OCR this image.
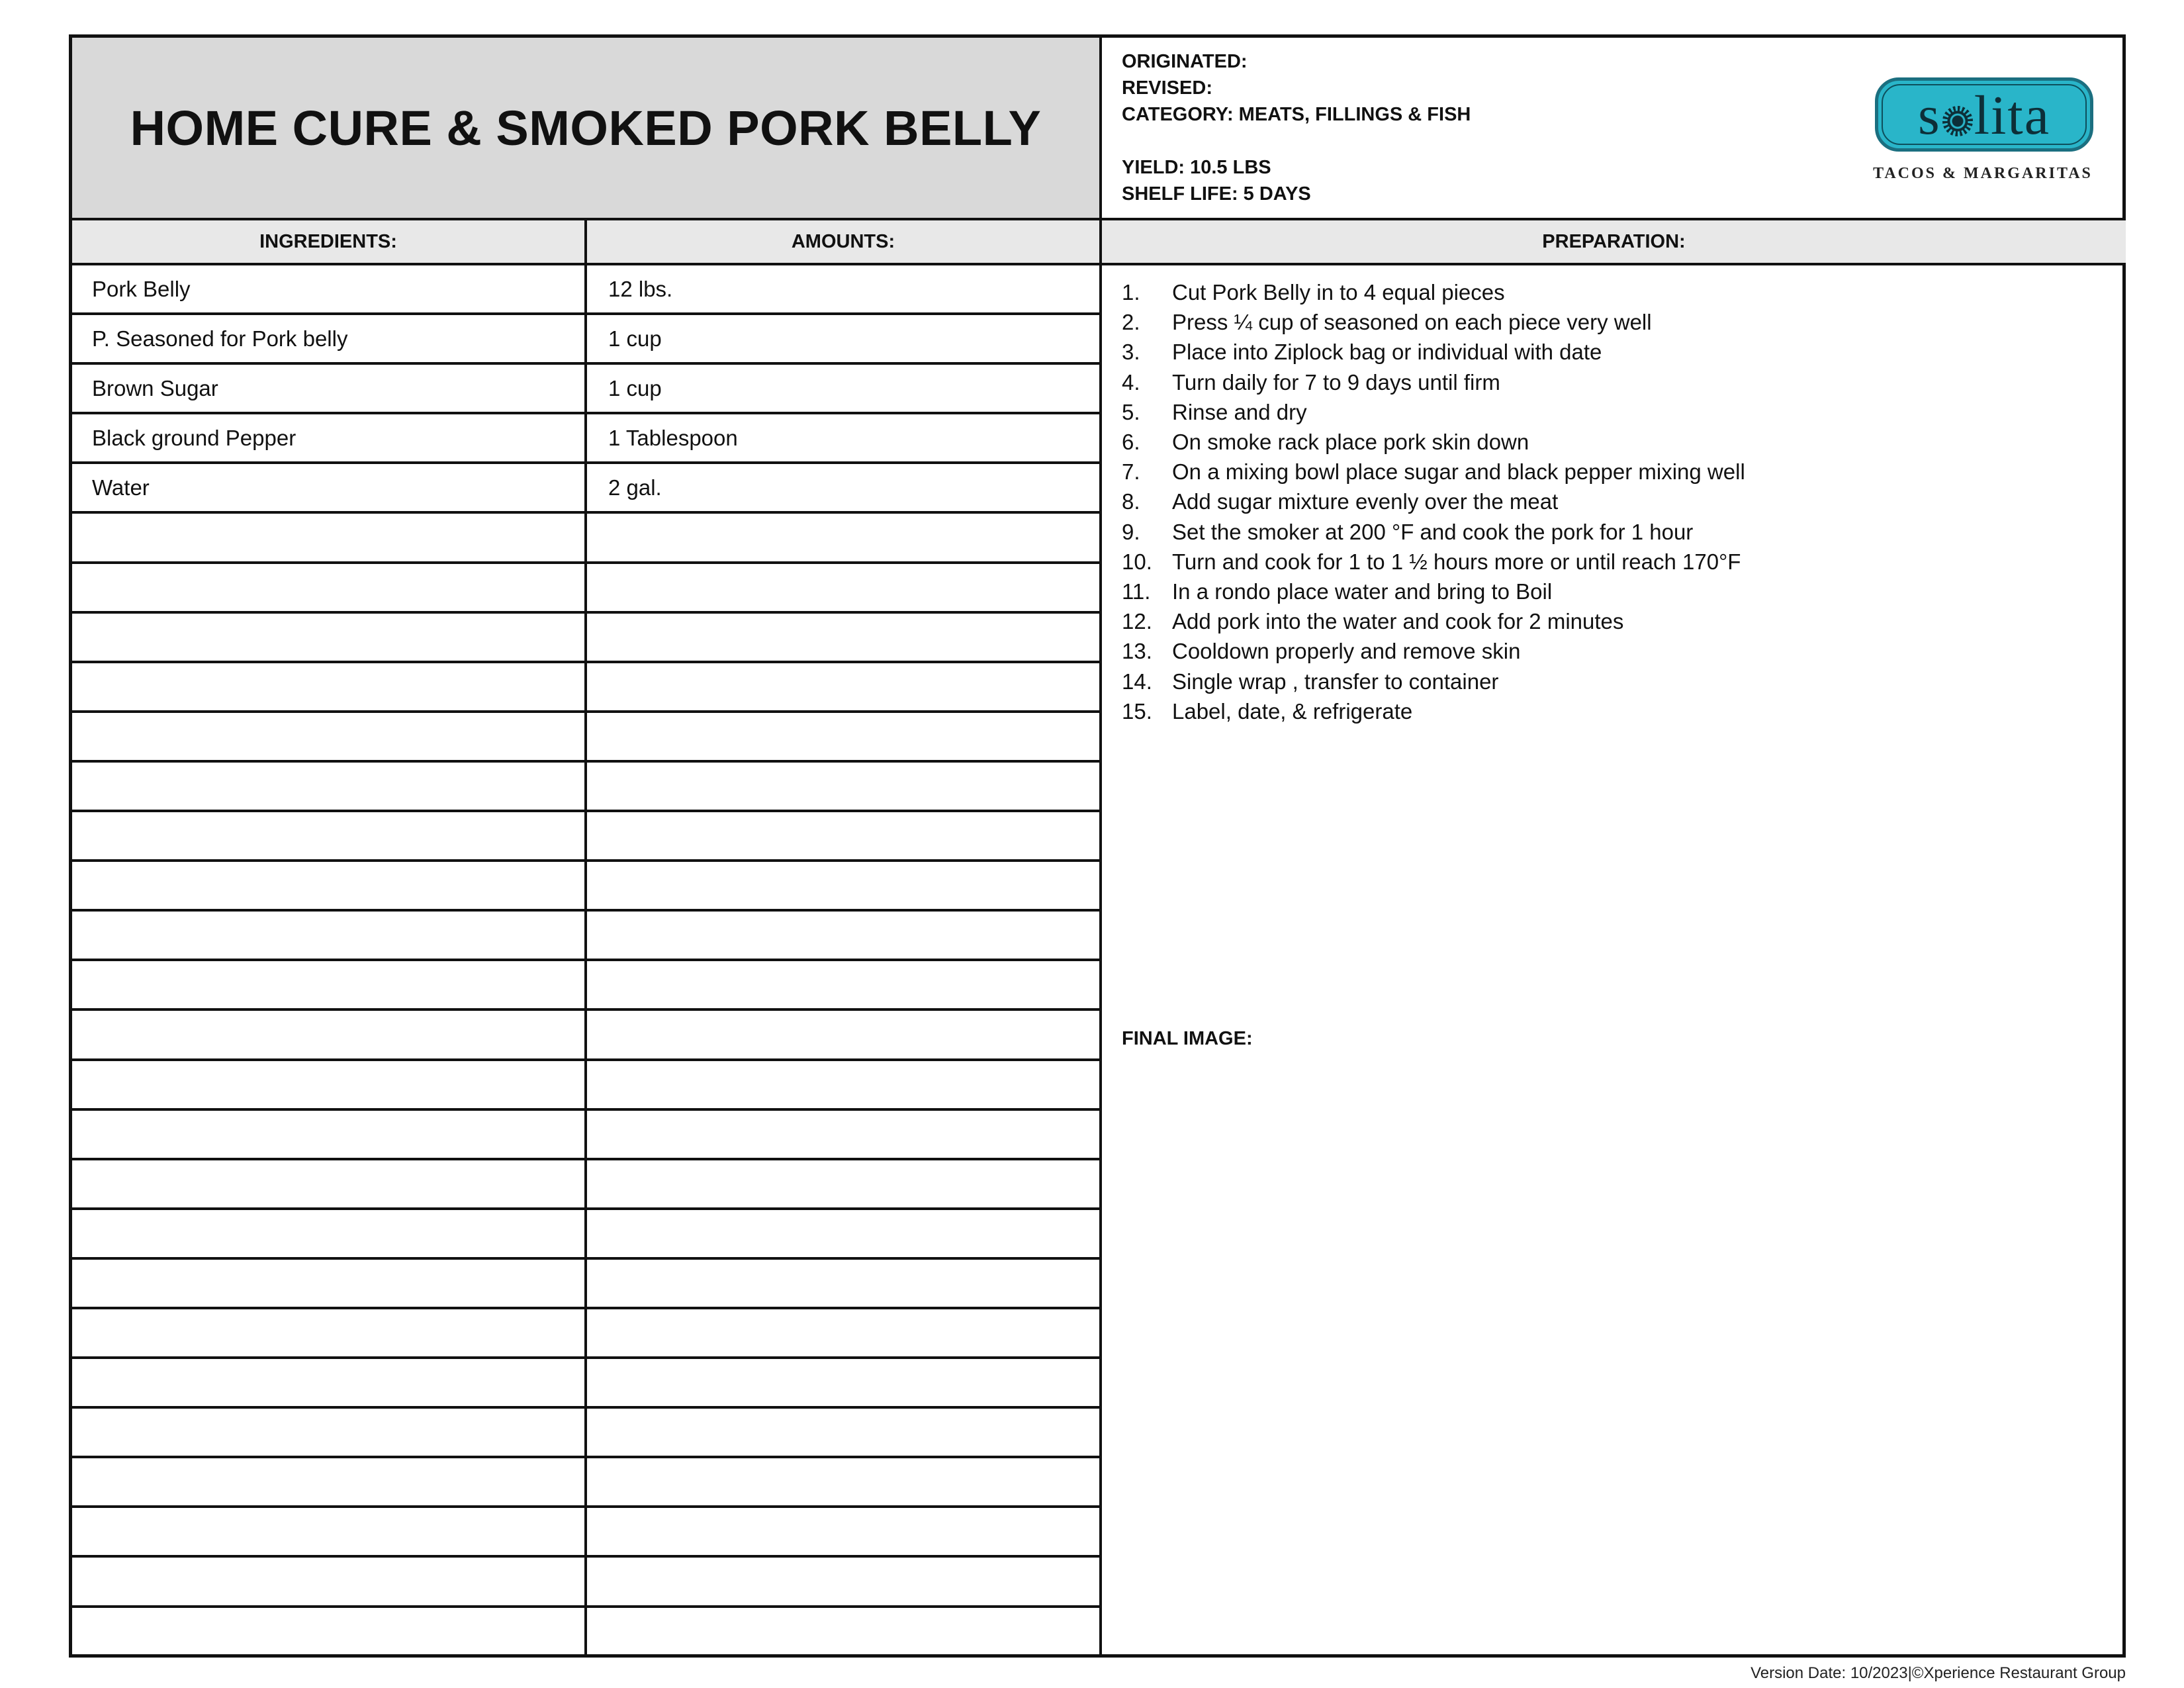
HOME CURE & SMOKED PORK BELLY
ORIGINATED:
REVISED:
CATEGORY: MEATS, FILLINGS & FISH
YIELD: 10.5 LBS
SHELF LIFE: 5 DAYS
s lita
TACOS & MARGARITAS
INGREDIENTS:	AMOUNTS:	PREPARATION:
Pork Belly	12 lbs.
P. Seasoned for Pork belly	1 cup
Brown Sugar	1 cup
Black ground Pepper	1 Tablespoon
Water	2 gal.
1.	Cut Pork Belly in to 4 equal pieces
2.	Press ¼ cup of seasoned on each piece very well
3.	Place into Ziplock bag or individual with date
4.	Turn daily for 7 to 9 days until firm
5.	Rinse and dry
6.	On smoke rack place pork skin down
7.	On a mixing bowl place sugar and black pepper mixing well
8.	Add sugar mixture evenly over the meat
9.	Set the smoker at 200 °F and cook the pork for 1 hour
10. Turn and cook for 1 to 1 ½ hours more or until reach 170°F
11. In a rondo place water and bring to Boil
12. Add pork into the water and cook for 2 minutes
13. Cooldown properly and remove skin
14. Single wrap , transfer to container
15. Label, date, & refrigerate
FINAL IMAGE:
Version Date: 10/2023|©Xperience Restaurant Group
